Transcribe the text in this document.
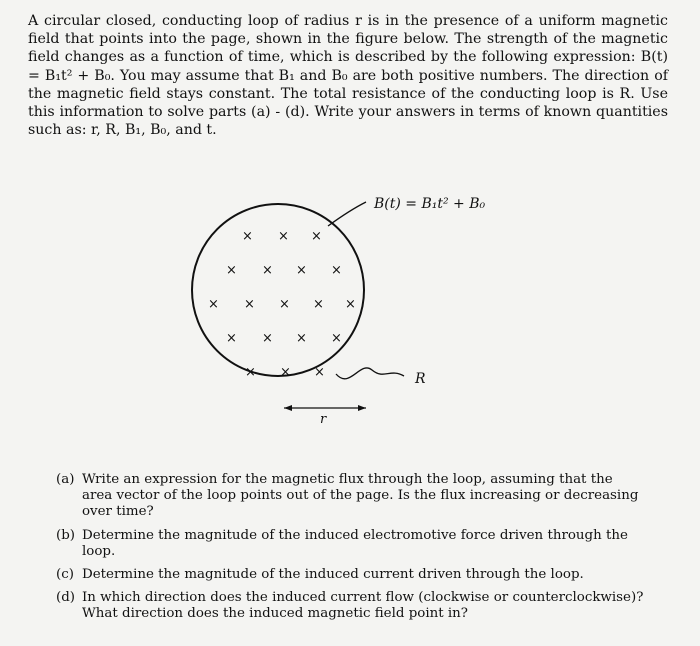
A circular closed, conducting loop of radius r is in the presence of a uniform magnetic field that points into the page, shown in the figure below. The strength of the magnetic field changes as a function of time, which is described by the following expression: B(t) = B₁t² + B₀. You may assume that B₁ and B₀ are both positive numbers. The direction of the magnetic field stays constant. The total resistance of the conducting loop is R. Use this information to solve parts (a) - (d). Write your answers in terms of known quantities such as: r, R, B₁, B₀, and t.

B(t) = B₁t² + B₀
R
r
× × ×
× × × ×
× × × × ×
× × × ×
× × ×
(a) Write an expression for the magnetic flux through the loop, assuming that the area vector of the loop points out of the page. Is the flux increasing or decreasing over time?
(b) Determine the magnitude of the induced electromotive force driven through the loop.
(c) Determine the magnitude of the induced current driven through the loop.
(d) In which direction does the induced current flow (clockwise or counterclockwise)? What direction does the induced magnetic field point in?
